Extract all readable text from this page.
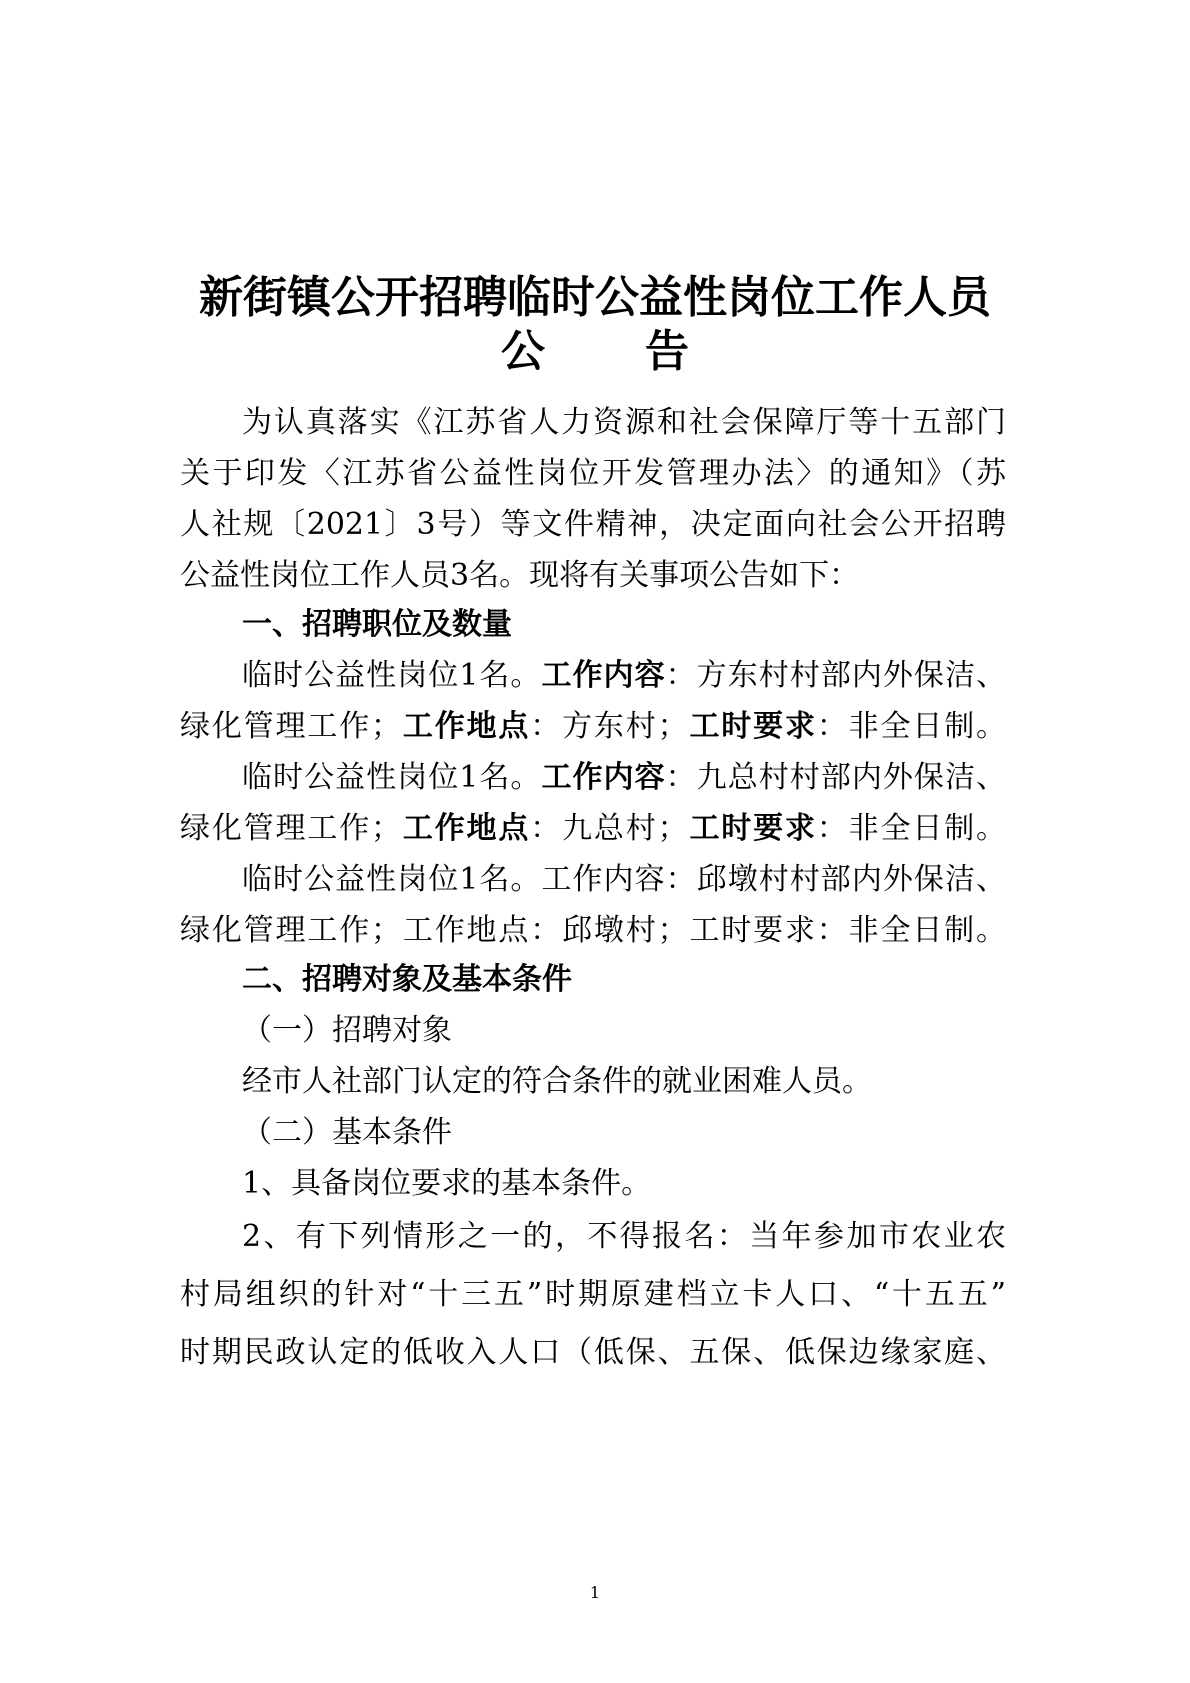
新街镇公开招聘临时公益性岗位工作人员
公 告
为认真落实《江苏省人力资源和社会保障厅等十五部门
关于印发〈江苏省公益性岗位开发管理办法〉的通知》（苏
人社规〔2021〕3号）等文件精神，决定面向社会公开招聘
公益性岗位工作人员3名。现将有关事项公告如下：
一、招聘职位及数量
临时公益性岗位1名。工作内容：方东村村部内外保洁、
绿化管理工作；工作地点：方东村；工时要求：非全日制。
临时公益性岗位1名。工作内容：九总村村部内外保洁、
绿化管理工作；工作地点：九总村；工时要求：非全日制。
临时公益性岗位1名。工作内容：邱墩村村部内外保洁、
绿化管理工作；工作地点：邱墩村；工时要求：非全日制。
二、招聘对象及基本条件
（一）招聘对象
经市人社部门认定的符合条件的就业困难人员。
（二）基本条件
1、具备岗位要求的基本条件。
2、有下列情形之一的，不得报名：当年参加市农业农
村局组织的针对“十三五”时期原建档立卡人口、“十五五”
时期民政认定的低收入人口（低保、五保、低保边缘家庭、
1
